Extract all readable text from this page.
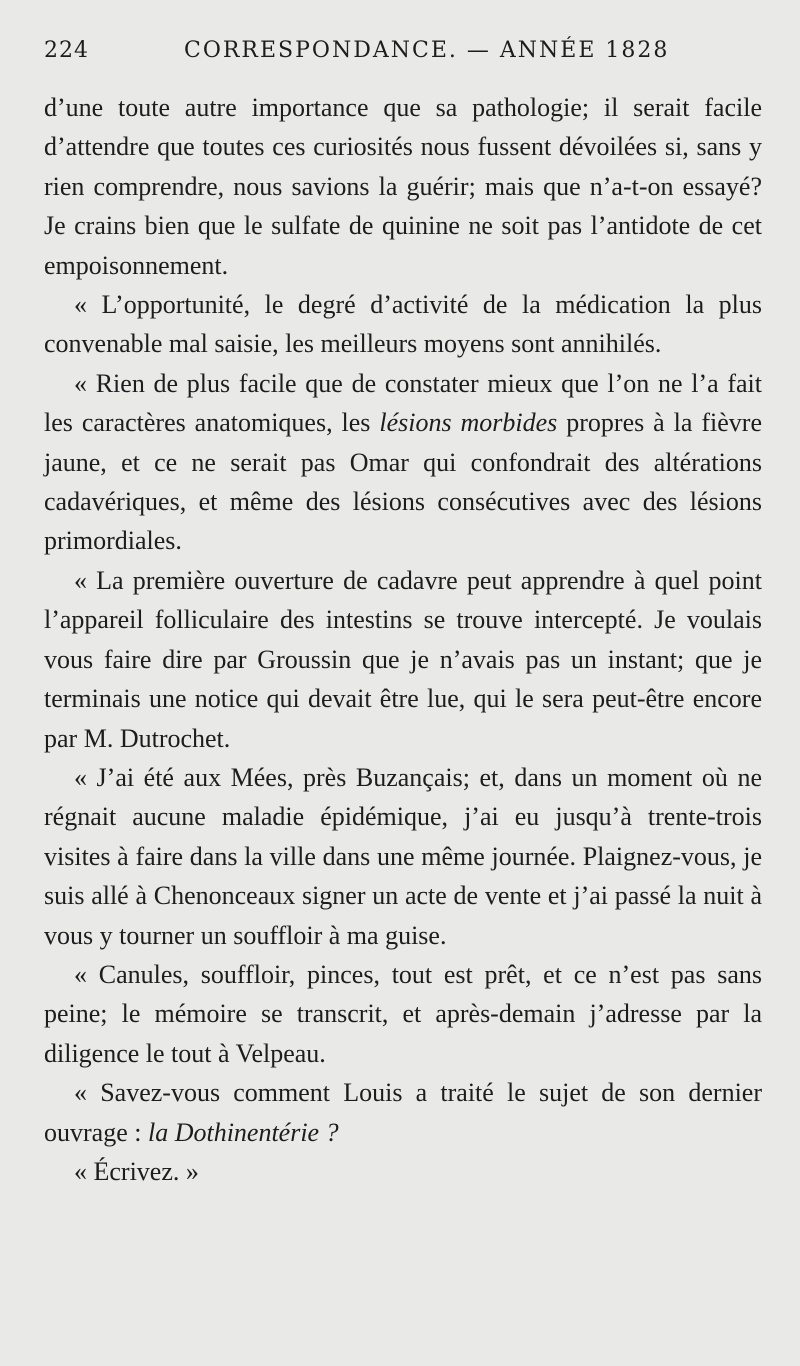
224	CORRESPONDANCE. — ANNÉE 1828

d’une toute autre importance que sa pathologie; il serait facile d’attendre que toutes ces curiosités nous fussent dévoilées si, sans y rien comprendre, nous savions la guérir; mais que n’a-t-on essayé? Je crains bien que le sulfate de quinine ne soit pas l’antidote de cet empoisonnement.

« L’opportunité, le degré d’activité de la médication la plus convenable mal saisie, les meilleurs moyens sont annihilés.

« Rien de plus facile que de constater mieux que l’on ne l’a fait les caractères anatomiques, les lésions morbides propres à la fièvre jaune, et ce ne serait pas Omar qui confondrait des altérations cadavériques, et même des lésions consécutives avec des lésions primordiales.

« La première ouverture de cadavre peut apprendre à quel point l’appareil folliculaire des intestins se trouve intercepté. Je voulais vous faire dire par Groussin que je n’avais pas un instant; que je terminais une notice qui devait être lue, qui le sera peut-être encore par M. Dutrochet.

« J’ai été aux Mées, près Buzançais; et, dans un moment où ne régnait aucune maladie épidémique, j’ai eu jusqu’à trente-trois visites à faire dans la ville dans une même journée. Plaignez-vous, je suis allé à Chenonceaux signer un acte de vente et j’ai passé la nuit à vous y tourner un souffloir à ma guise.

« Canules, souffloir, pinces, tout est prêt, et ce n’est pas sans peine; le mémoire se transcrit, et après-demain j’adresse par la diligence le tout à Velpeau.

« Savez-vous comment Louis a traité le sujet de son dernier ouvrage : la Dothinentérie ?

« Écrivez. »
